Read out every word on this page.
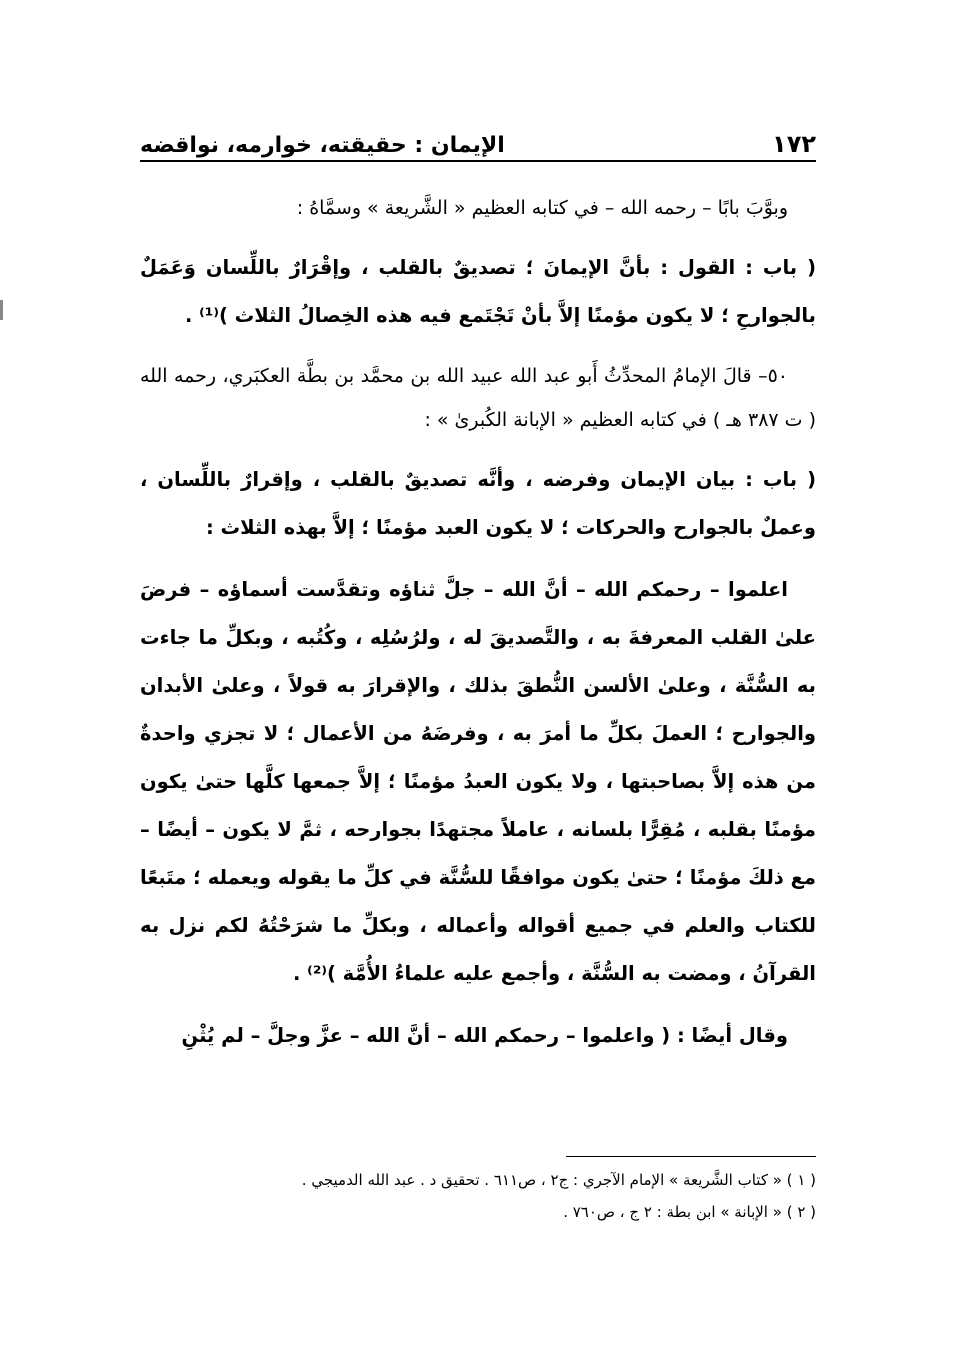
١٧٢
الإيمان : حقيقته، خوارمه، نواقضه

وبوَّبَ بابًا – رحمه الله – في كتابه العظيم « الشَّريعة » وسمَّاهُ :

( باب : القول : بأنَّ الإيمانَ ؛ تصديقٌ بالقلب ، وإقْرَارٌ باللِّسان وَعَمَلٌ بالجوارحِ ؛ لا يكون مؤمنًا إلاَّ بأنْ تَجْتَمع فيه هذه الخِصالُ الثلاث )⁽¹⁾ .

٥٠– قالَ الإمامُ المحدِّثُ أَبو عبد الله عبيد الله بن محمَّد بن بطَّة العكبَري، رحمه الله ( ت ٣٨٧ هـ ) في كتابه العظيم « الإبانة الكُبرىٰ » :

( باب : بيان الإيمان وفرضه ، وأنَّه تصديقٌ بالقلب ، وإقرارٌ باللِّسان ، وعملٌ بالجوارح والحركات ؛ لا يكون العبد مؤمنًا ؛ إلاَّ بهذه الثلاث :

اعلموا – رحمكم الله – أنَّ الله – جلَّ ثناؤه وتقدَّست أسماؤه – فرضَ علىٰ القلب المعرفةَ به ، والتَّصديقَ له ، ولرُسُلِه ، وكُتُبه ، وبكلِّ ما جاءت به السُّنَّة ، وعلىٰ الألسن النُّطقَ بذلك ، والإقرارَ به قولاً ، وعلىٰ الأبدان والجوارح ؛ العملَ بكلِّ ما أمرَ به ، وفرضَهُ من الأعمال ؛ لا تجزي واحدةٌ من هذه إلاَّ بصاحبتها ، ولا يكون العبدُ مؤمنًا ؛ إلاَّ جمعها كلَّها حتىٰ يكون مؤمنًا بقلبه ، مُقِرًّا بلسانه ، عاملاً مجتهدًا بجوارحه ، ثمَّ لا يكون – أيضًا – مع ذلكَ مؤمنًا ؛ حتىٰ يكون موافقًا للسُّنَّة في كلِّ ما يقوله ويعمله ؛ متَبعًا للكتاب والعلم في جميع أقواله وأعماله ، وبكلِّ ما شرَحْتُهُ لكم نزل به القرآنُ ، ومضت به السُّنَّة ، وأجمع عليه علماءُ الأُمَّة )⁽²⁾ .

وقال أيضًا : ( واعلموا – رحمكم الله – أنَّ الله – عزَّ وجلَّ – لم يُثْنِ

( ١ ) « كتاب الشَّريعة » الإمام الآجري : ج٢ ، ص٦١١ . تحقيق د . عبد الله الدميجي .

( ٢ ) « الإبانة » ابن بطة : ٢ ج ، ص٧٦٠ .
